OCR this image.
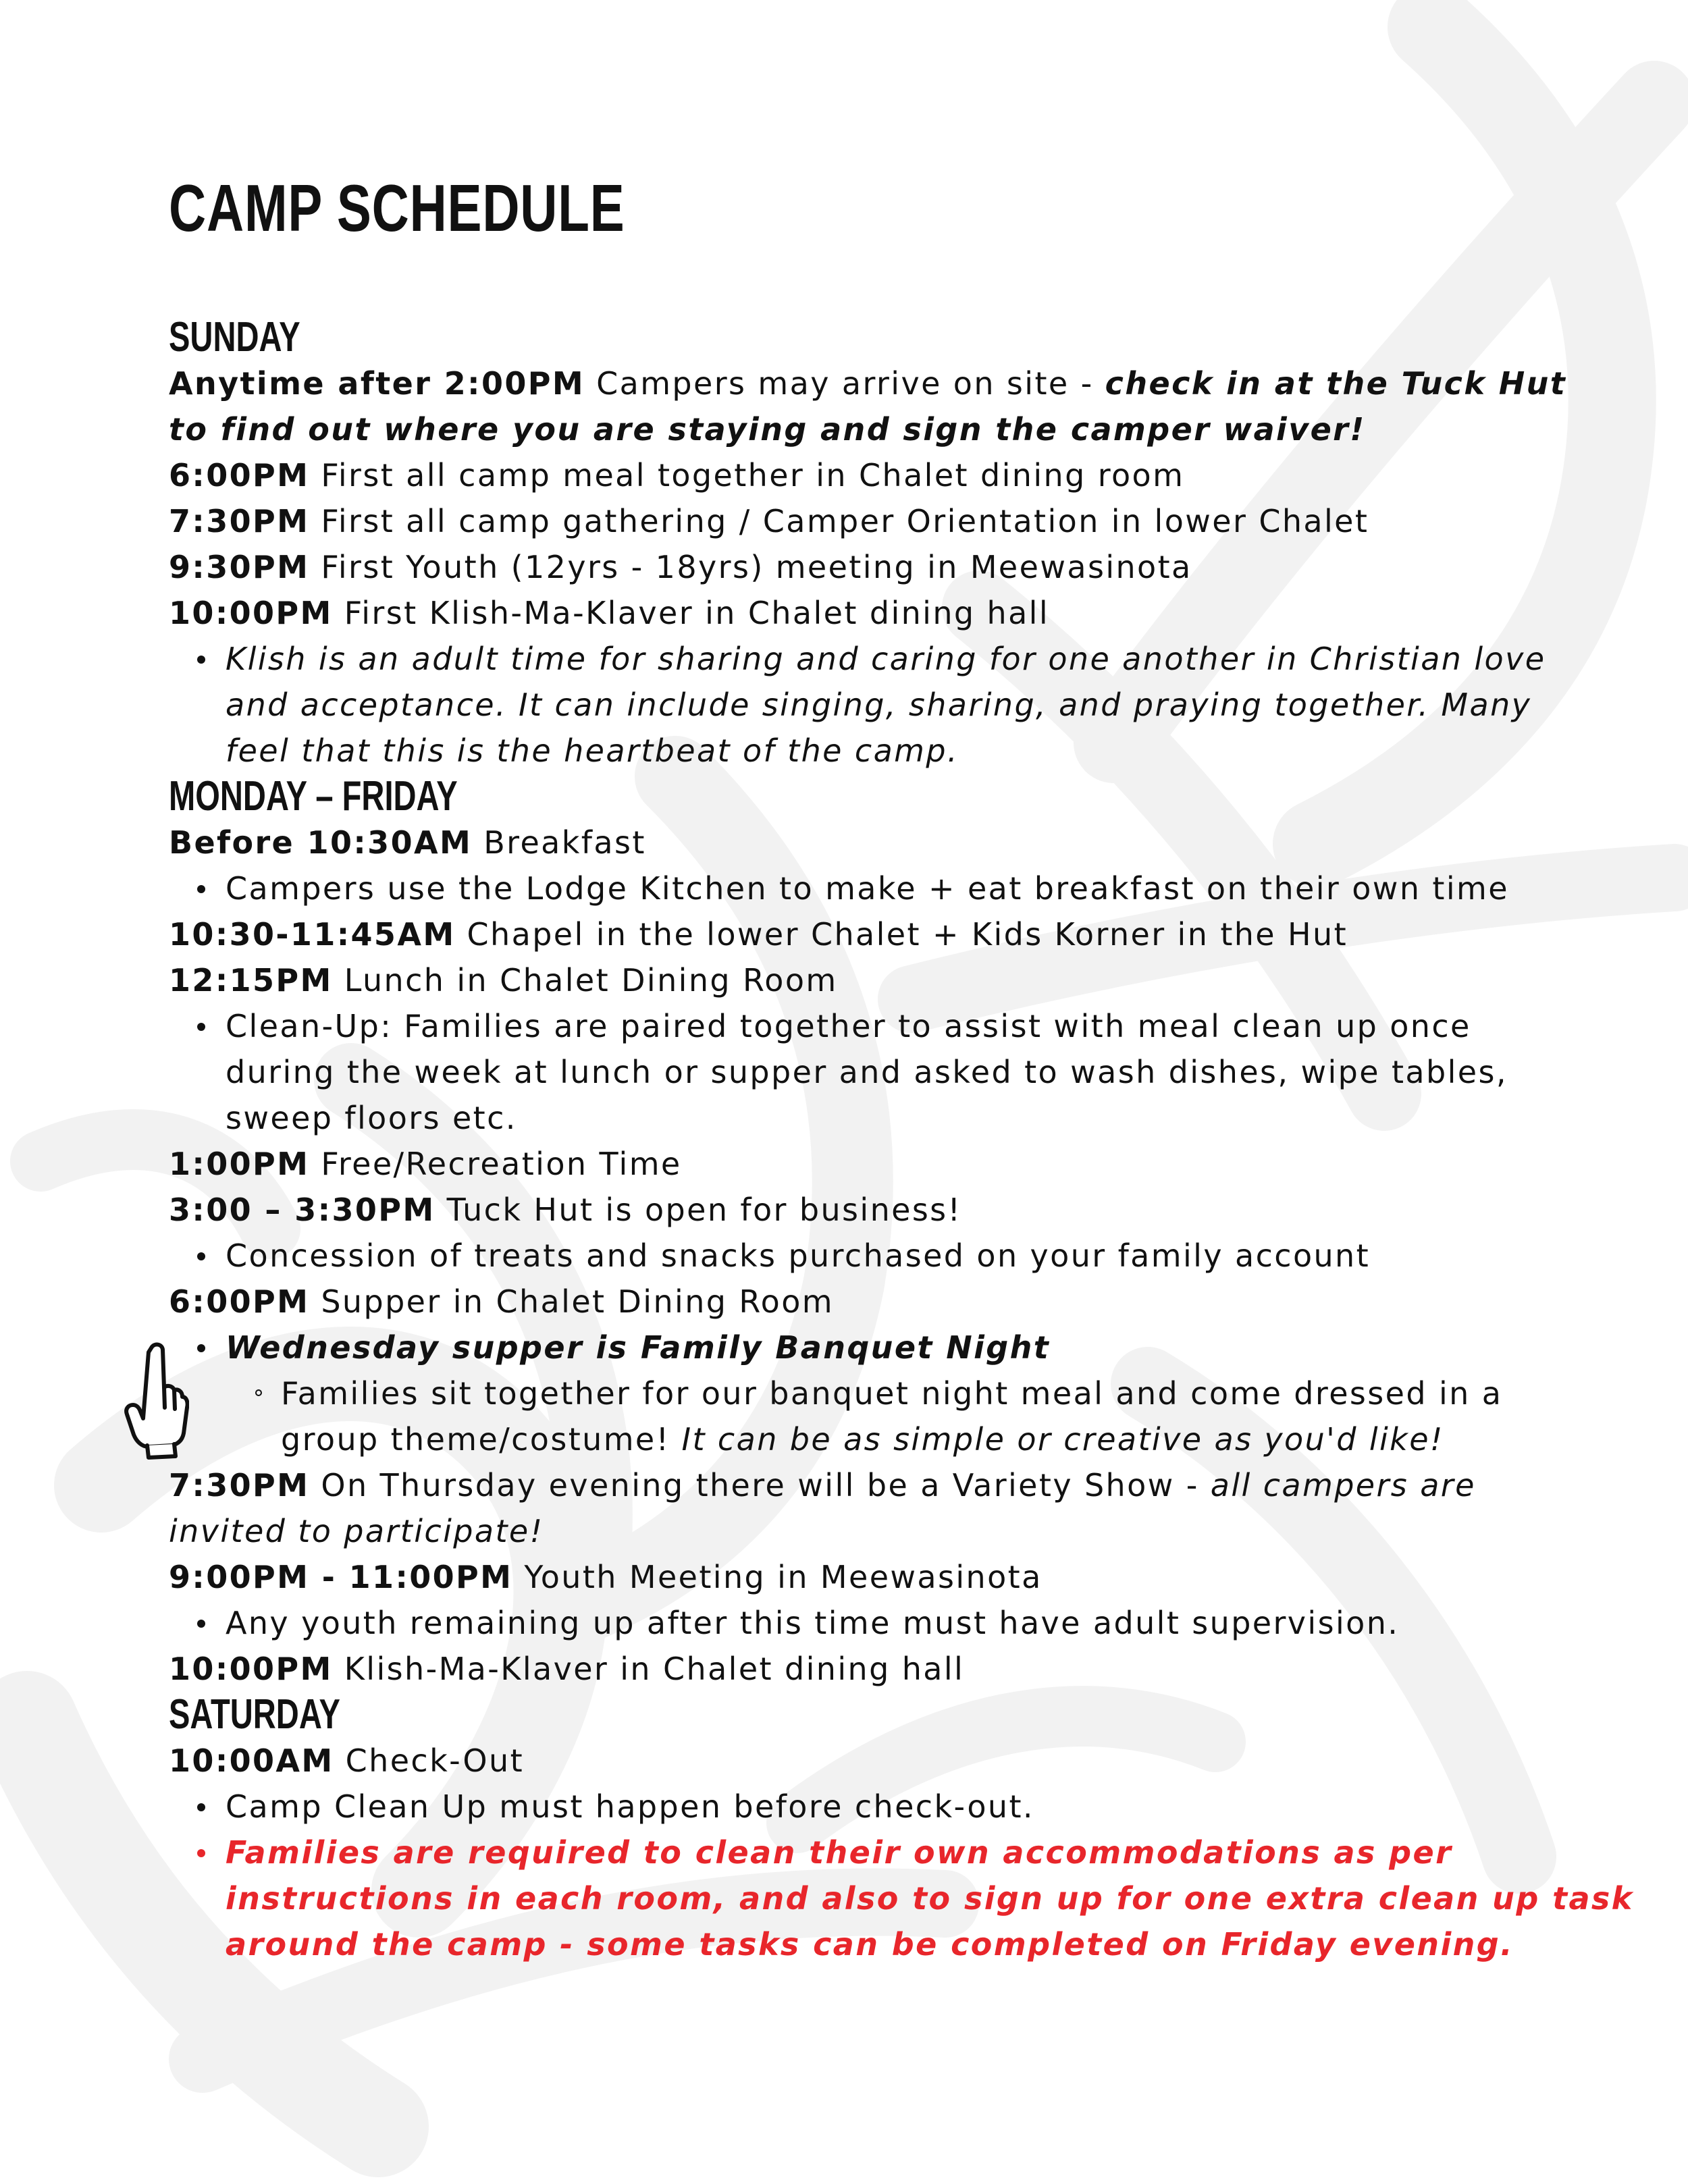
CAMP SCHEDULE
SUNDAY

Anytime after 2:00PM Campers may arrive on site - check in at the Tuck Hut

to find out where you are staying and sign the camper waiver!

6:00PM First all camp meal together in Chalet dining room

7:30PM First all camp gathering / Camper Orientation in lower Chalet

9:30PM First Youth (12yrs - 18yrs) meeting in Meewasinota

10:00PM First Klish-Ma-Klaver in Chalet dining hall

Klish is an adult time for sharing and caring for one another in Christian love
and acceptance. It can include singing, sharing, and praying together. Many
feel that this is the heartbeat of the camp.
MONDAY – FRIDAY

Before 10:30AM Breakfast

Campers use the Lodge Kitchen to make + eat breakfast on their own time

10:30-11:45AM Chapel in the lower Chalet + Kids Korner in the Hut

12:15PM Lunch in Chalet Dining Room

Clean-Up: Families are paired together to assist with meal clean up once
during the week at lunch or supper and asked to wash dishes, wipe tables,
sweep floors etc.

1:00PM Free/Recreation Time

3:00 – 3:30PM Tuck Hut is open for business!

Concession of treats and snacks purchased on your family account

6:00PM Supper in Chalet Dining Room

Wednesday supper is Family Banquet Night
Families sit together for our banquet night meal and come dressed in a
group theme/costume! It can be as simple or creative as you'd like!

7:30PM On Thursday evening there will be a Variety Show - all campers are

invited to participate!

9:00PM - 11:00PM Youth Meeting in Meewasinota

Any youth remaining up after this time must have adult supervision.

10:00PM Klish-Ma-Klaver in Chalet dining hall

SATURDAY

10:00AM Check-Out

Camp Clean Up must happen before check-out.
Families are required to clean their own accommodations as per
instructions in each room, and also to sign up for one extra clean up task
around the camp - some tasks can be completed on Friday evening.
